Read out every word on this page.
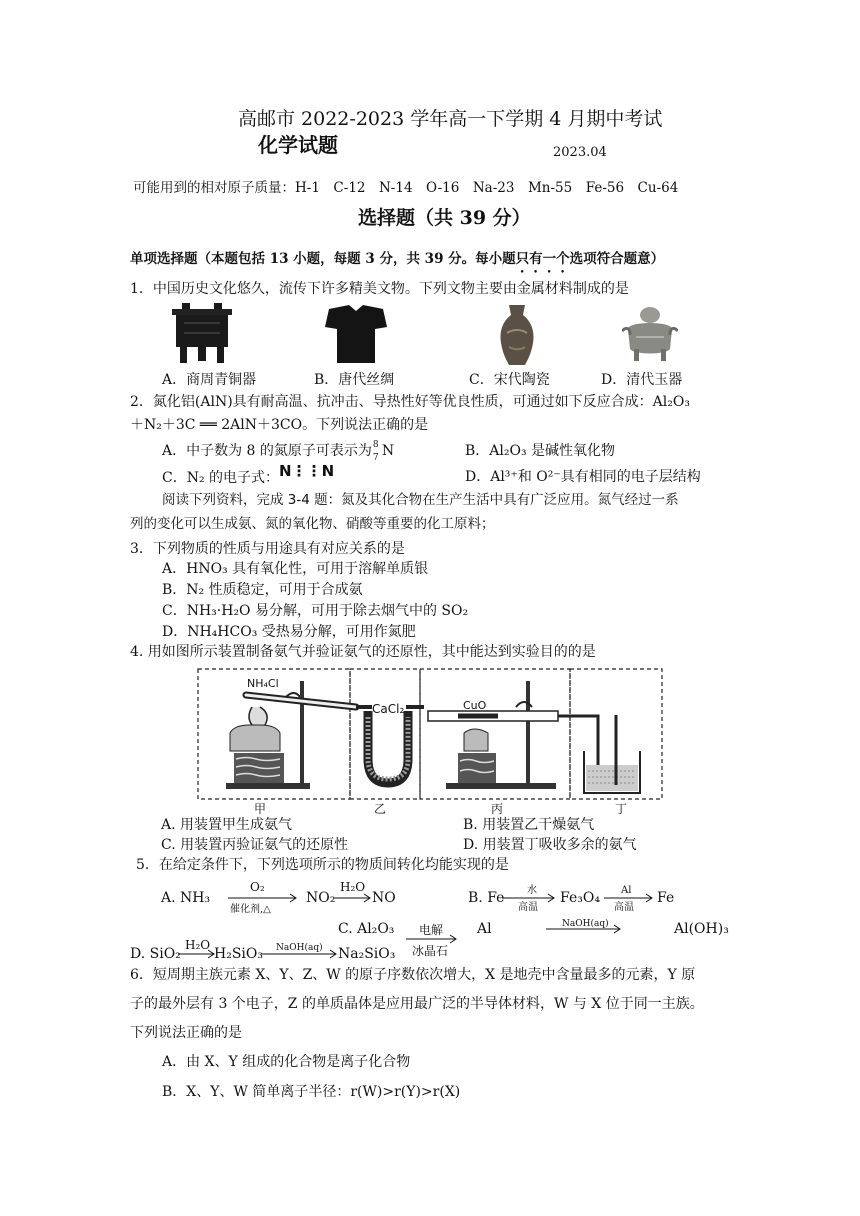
高邮市 2022-2023 学年高一下学期 4 月期中考试
化学试题	2023.04
可能用到的相对原子质量：H-1　C-12　N-14　O-16　Na-23　Mn-55　Fe-56　Cu-64
选择题（共 39 分）
单项选择题（本题包括 13 小题，每题 3 分，共 39 分。每小题只有一个选项符合题意）
1．中国历史文化悠久，流传下许多精美文物。下列文物主要由金属材料制成的是
A．商周青铜器	B．唐代丝绸	C．宋代陶瓷	D．清代玉器
2．氮化铝(AlN)具有耐高温、抗冲击、导热性好等优良性质，可通过如下反应合成：Al₂O₃
＋N₂＋3C ══ 2AlN＋3CO。下列说法正确的是
A．中子数为 8 的氮原子可表示为 8
7 N	B．Al₂O₃ 是碱性氧化物
C．N₂ 的电子式：N⋮⋮N	D．Al³⁺和 O²⁻具有相同的电子层结构
阅读下列资料，完成 3-4 题：氮及其化合物在生产生活中具有广泛应用。氮气经过一系
列的变化可以生成氨、氮的氧化物、硝酸等重要的化工原料；
3．下列物质的性质与用途具有对应关系的是
A．HNO₃ 具有氧化性，可用于溶解单质银
B．N₂ 性质稳定，可用于合成氨
C．NH₃·H₂O 易分解，可用于除去烟气中的 SO₂
D．NH₄HCO₃ 受热易分解，可用作氮肥
4. 用如图所示装置制备氨气并验证氨气的还原性，其中能达到实验目的的是
NH₄Cl
CaCl₂	CuO
甲	乙	丙	丁
A. 用装置甲生成氨气	B. 用装置乙干燥氨气
C. 用装置丙验证氨气的还原性	D. 用装置丁吸收多余的氨气
5．在给定条件下，下列选项所示的物质间转化均能实现的是
A. NH₃
O₂
催化剂,△
NO₂
H₂O
NO	B. Fe 水
高温
Fe₃O₄ Al
高温
Fe
C. Al₂O₃ 电解
冰晶石
Al	NaOH(aq)	Al(OH)₃
D. SiO₂
H₂O
H₂SiO₃ NaOH(aq) Na₂SiO₃
6．短周期主族元素 X、Y、Z、W 的原子序数依次增大，X 是地壳中含量最多的元素，Y 原
子的最外层有 3 个电子，Z 的单质晶体是应用最广泛的半导体材料，W 与 X 位于同一主族。
下列说法正确的是
A．由 X、Y 组成的化合物是离子化合物
B．X、Y、W 简单离子半径：r(W)>r(Y)>r(X)
